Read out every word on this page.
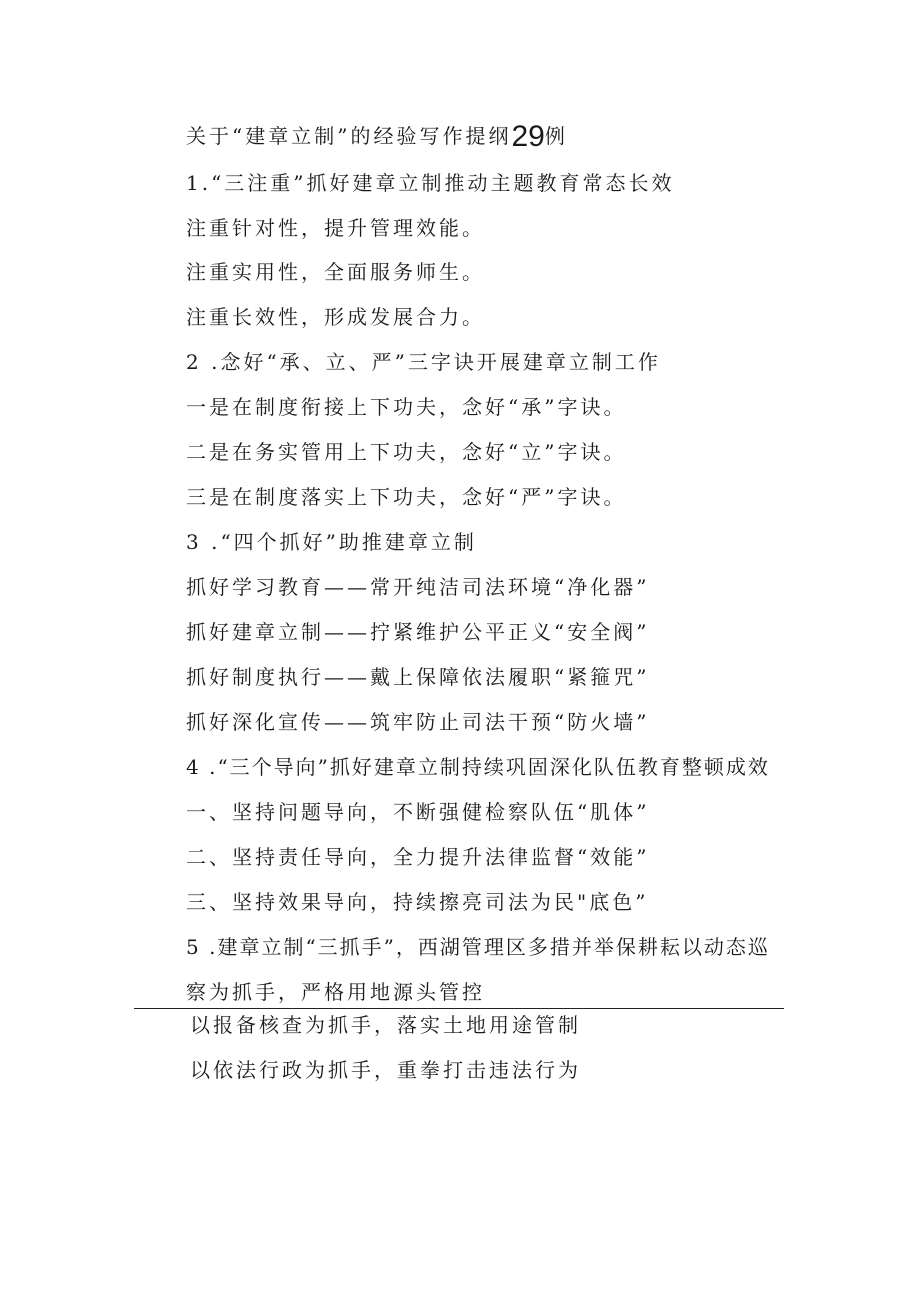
关于“建章立制”的经验写作提纲29例
1.“三注重”抓好建章立制推动主题教育常态长效
注重针对性，提升管理效能。
注重实用性，全面服务师生。
注重长效性，形成发展合力。
2 .念好“承、立、严”三字诀开展建章立制工作
一是在制度衔接上下功夫，念好“承”字诀。
二是在务实管用上下功夫，念好“立”字诀。
三是在制度落实上下功夫，念好“严”字诀。
3 .“四个抓好”助推建章立制
抓好学习教育——常开纯洁司法环境“净化器”
抓好建章立制——拧紧维护公平正义“安全阀”
抓好制度执行——戴上保障依法履职“紧箍咒”
抓好深化宣传——筑牢防止司法干预“防火墙”
4 .“三个导向”抓好建章立制持续巩固深化队伍教育整顿成效
一、坚持问题导向，不断强健检察队伍“肌体”
二、坚持责任导向，全力提升法律监督“效能”
三、坚持效果导向，持续擦亮司法为民"底色”
5 .建章立制“三抓手”，西湖管理区多措并举保耕耘以动态巡
察为抓手，严格用地源头管控
以报备核查为抓手，落实土地用途管制
以依法行政为抓手，重拳打击违法行为
